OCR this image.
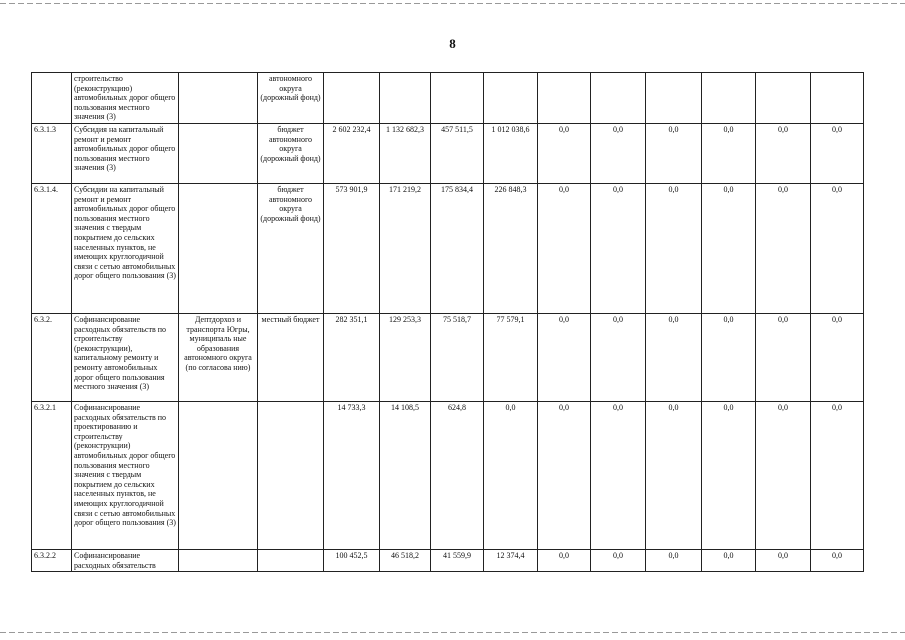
8
	строительство (реконструкцию) автомобильных дорог общего пользования местного значения (3)		автономного округа (дорожный фонд)										
6.3.1.3	Субсидия на капитальный ремонт и ремонт автомобильных дорог общего пользования местного значения (3)		бюджет автономного округа (дорожный фонд)	2 602 232,4	1 132 682,3	457 511,5	1 012 038,6	0,0	0,0	0,0	0,0	0,0	0,0
6.3.1.4.	Субсидии на капитальный ремонт и ремонт автомобильных дорог общего пользования местного значения с твердым покрытием до сельских населенных пунктов, не имеющих круглогодичной связи с сетью автомобильных дорог общего пользования (3)		бюджет автономного округа (дорожный фонд)	573 901,9	171 219,2	175 834,4	226 848,3	0,0	0,0	0,0	0,0	0,0	0,0
6.3.2.	Софинансирование расходных обязательств по строительству (реконструкции), капитальному ремонту и ремонту автомобильных дорог общего пользования местного значения (3)	Дептдорхоз и транспорта Югры, муниципаль ные образования автономного округа (по согласова нию)	местный бюджет	282 351,1	129 253,3	75 518,7	77 579,1	0,0	0,0	0,0	0,0	0,0	0,0
6.3.2.1	Софинансирование расходных обязательств по проектированию и строительству (реконструкции) автомобильных дорог общего пользования местного значения с твердым покрытием до сельских населенных пунктов, не имеющих круглогодичной связи с сетью автомобильных дорог общего пользования (3)			14 733,3	14 108,5	624,8	0,0	0,0	0,0	0,0	0,0	0,0	0,0
6.3.2.2	Софинансирование расходных обязательств			100 452,5	46 518,2	41 559,9	12 374,4	0,0	0,0	0,0	0,0	0,0	0,0
